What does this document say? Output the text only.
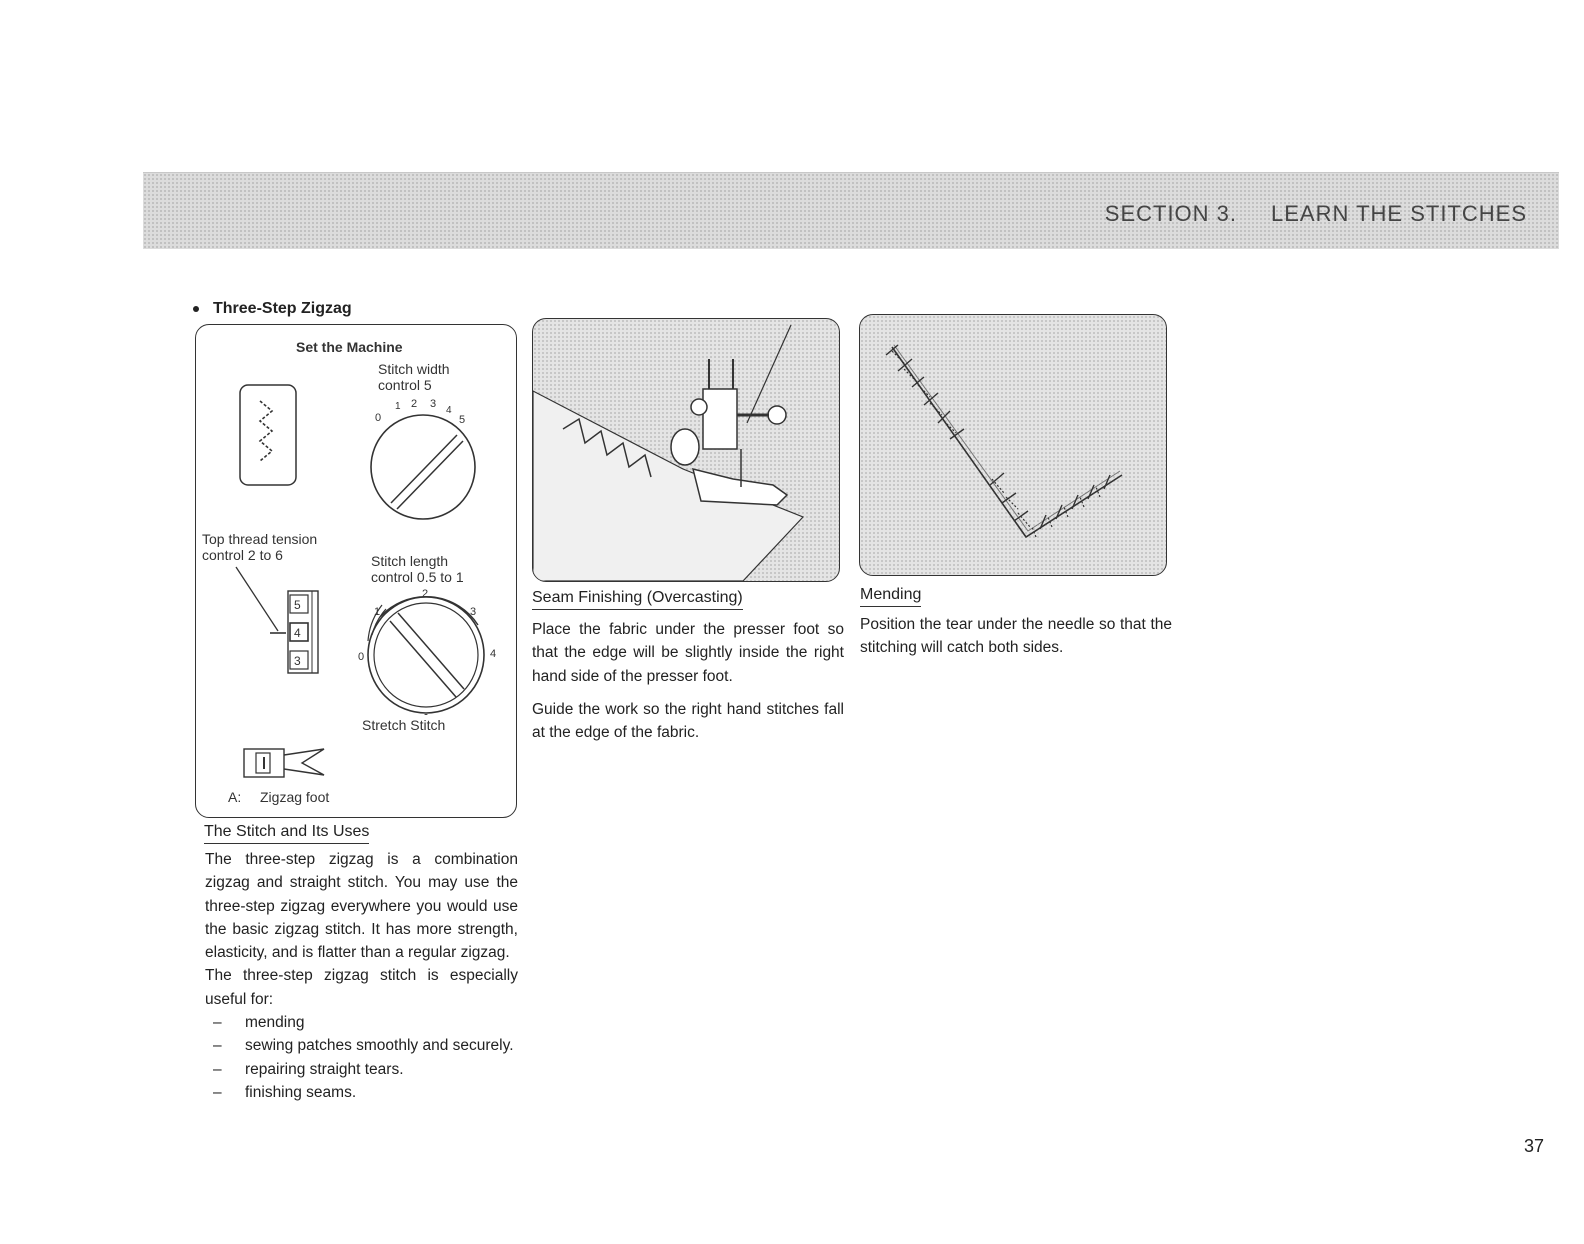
SECTION 3. LEARN THE STITCHES
Three-Step Zigzag
Set the Machine
Stitch width
control 5
0
1 2 3
4
5
Top thread tension
control 2 to 6	Stitch length
control 0.5 to 1
5
4
3	0
1
2
3
4
Stretch Stitch
A: Zigzag foot
The Stitch and Its Uses

The three-step zigzag is a combination zigzag and straight stitch. You may use the three-step zigzag everywhere you would use the basic zigzag stitch. It has more strength, elasticity, and is flatter than a regular zigzag.

The three-step zigzag stitch is especially useful for:

– mending
– sewing patches smoothly and securely.
– repairing straight tears.
– finishing seams.
Seam Finishing (Overcasting)

Place the fabric under the presser foot so that the edge will be slightly inside the right hand side of the presser foot.

Guide the work so the right hand stitches fall at the edge of the fabric.

Mending
Position the tear under the needle so that the stitching will catch both sides.
37
